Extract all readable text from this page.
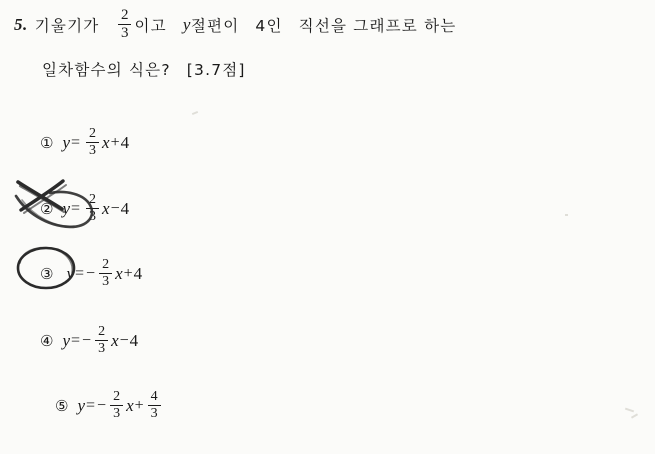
5. 기울기가 $\frac{2}{3}$ 이고 y 절편이 4인 직선을 그래프로 하는
일차함수의 식은? [3.7점]
① $y = \frac{2}{3}$ x + 4
② $y = \frac{2}{3}$ x − 4
③ y = − $\frac{2}{3}$ x + 4
④ y = − $\frac{2}{3}$ x − 4
⑤ y = − $\frac{2}{3}$ $x + \frac{4}{3}$
